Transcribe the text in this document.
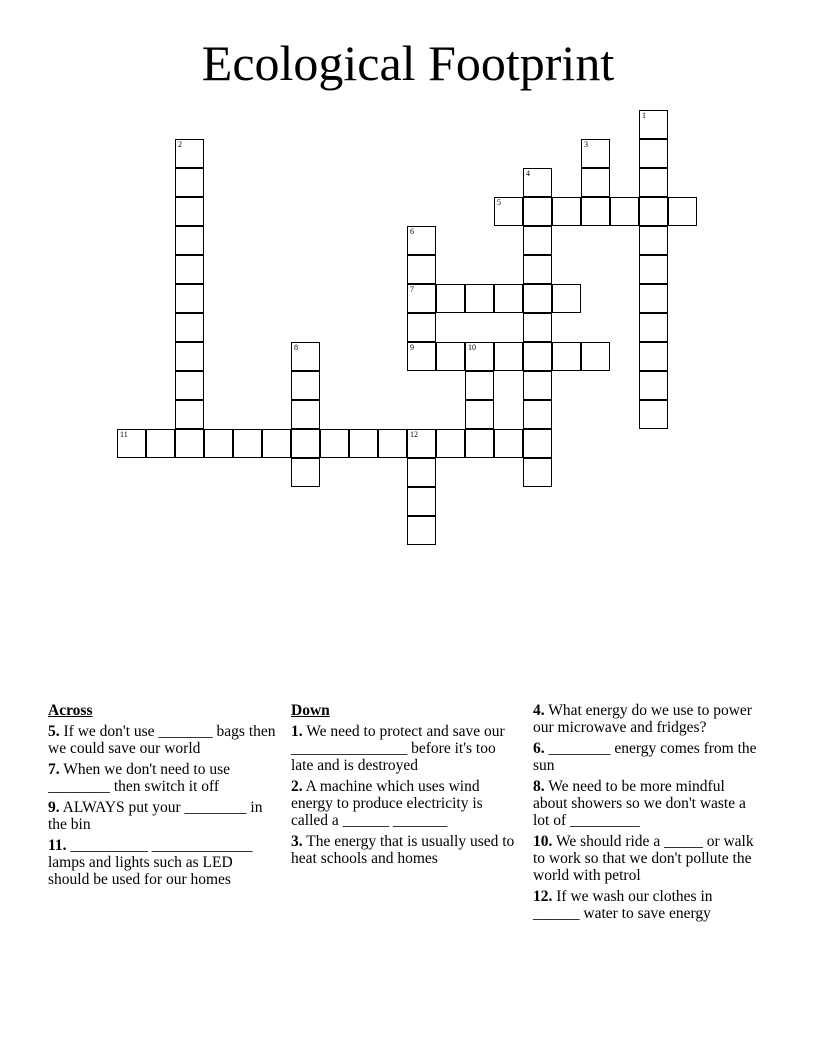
Ecological Footprint
1
2	3
4
5
6
7
9
8	10
11	12
Across
5. If we don't use _______ bags then we could save our world
7. When we don't need to use ________ then switch it off
9. ALWAYS put your ________ in the bin
11. __________ _____________ lamps and lights such as LED should be used for our homes
Down
1. We need to protect and save our _______________ before it's too late and is destroyed
2. A machine which uses wind energy to produce electricity is called a ______ _______
3. The energy that is usually used to heat schools and homes
4. What energy do we use to power our microwave and fridges?
6. ________ energy comes from the sun
8. We need to be more mindful about showers so we don't waste a lot of _________
10. We should ride a _____ or walk to work so that we don't pollute the world with petrol
12. If we wash our clothes in ______ water to save energy
